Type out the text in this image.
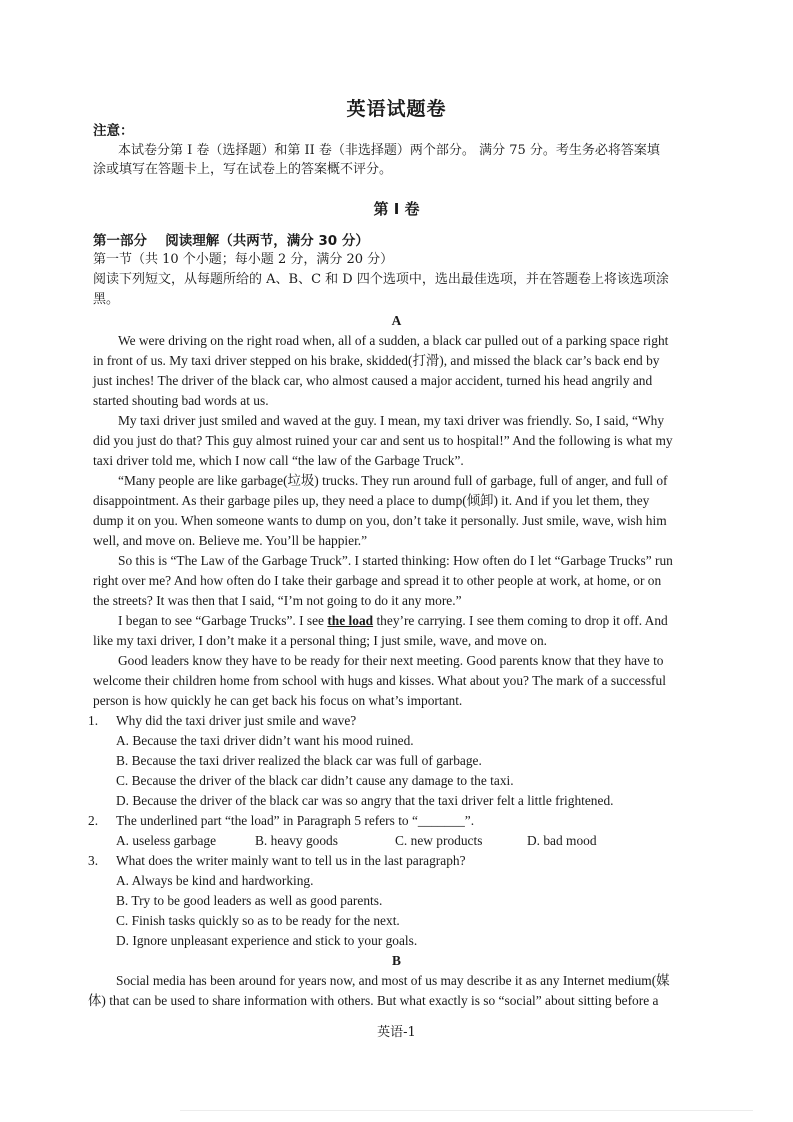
英语试题卷
注意：
本试卷分第 I 卷（选择题）和第 II 卷（非选择题）两个部分。 满分 75 分。考生务必将答案填
涂或填写在答题卡上，写在试卷上的答案概不评分。
第 I 卷
第一部分　 阅读理解（共两节，满分 30 分）
第一节（共 10 个小题；每小题 2 分，满分 20 分）
阅读下列短文，从每题所给的 A、B、C 和 D 四个选项中，选出最佳选项，并在答题卷上将该选项涂
黑。
A
We were driving on the right road when, all of a sudden, a black car pulled out of a parking space right
in front of us. My taxi driver stepped on his brake, skidded(打滑), and missed the black car’s back end by
just inches! The driver of the black car, who almost caused a major accident, turned his head angrily and
started shouting bad words at us.
My taxi driver just smiled and waved at the guy. I mean, my taxi driver was friendly. So, I said, “Why
did you just do that? This guy almost ruined your car and sent us to hospital!” And the following is what my
taxi driver told me, which I now call “the law of the Garbage Truck”.
“Many people are like garbage(垃圾) trucks. They run around full of garbage, full of anger, and full of
disappointment. As their garbage piles up, they need a place to dump(倾卸) it. And if you let them, they
dump it on you. When someone wants to dump on you, don’t take it personally. Just smile, wave, wish him
well, and move on. Believe me. You’ll be happier.”
So this is “The Law of the Garbage Truck”. I started thinking: How often do I let “Garbage Trucks” run
right over me? And how often do I take their garbage and spread it to other people at work, at home, or on
the streets? It was then that I said, “I’m not going to do it any more.”
I began to see “Garbage Trucks”. I see the load they’re carrying. I see them coming to drop it off. And
like my taxi driver, I don’t make it a personal thing; I just smile, wave, and move on.
Good leaders know they have to be ready for their next meeting. Good parents know that they have to
welcome their children home from school with hugs and kisses. What about you? The mark of a successful
person is how quickly he can get back his focus on what’s important.
1. Why did the taxi driver just smile and wave?
A. Because the taxi driver didn’t want his mood ruined.
B. Because the taxi driver realized the black car was full of garbage.
C. Because the driver of the black car didn’t cause any damage to the taxi.
D. Because the driver of the black car was so angry that the taxi driver felt a little frightened.
2. The underlined part “the load” in Paragraph 5 refers to “_______”.
A. useless garbage	B. heavy goods	C. new products	D. bad mood
3. What does the writer mainly want to tell us in the last paragraph?
A. Always be kind and hardworking.
B. Try to be good leaders as well as good parents.
C. Finish tasks quickly so as to be ready for the next.
D. Ignore unpleasant experience and stick to your goals.
B
Social media has been around for years now, and most of us may describe it as any Internet medium(媒
体) that can be used to share information with others. But what exactly is so “social” about sitting before a
英语-1
